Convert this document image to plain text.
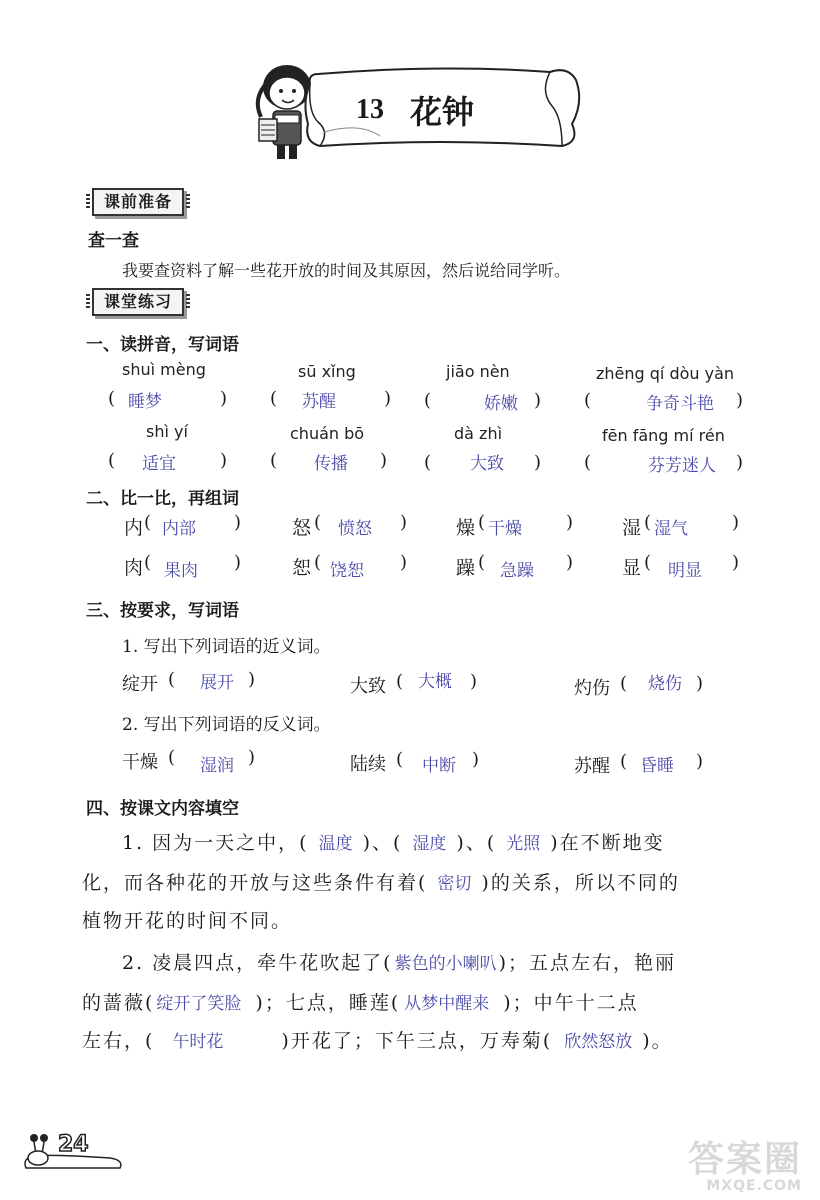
13 花钟
课前准备
查一查
我要查资料了解一些花开放的时间及其原因，然后说给同学听。
课堂练习
一、读拼音，写词语
shuì mèng	sū xǐng	jiāo nèn	zhēng qí dòu yàn
( 睡梦	) ( 苏醒	) (	娇嫩 ) (	争奇斗艳 )
shì yí	chuán bō	dà zhì	fēn fāng mí rén
( 适宜 ) ( 传播 ) ( 大致 ) (	芬芳迷人 )
二、比一比，再组词
内 ( 内部 )	怒 ( 愤怒 )	燥 ( 干燥 )	湿 ( 湿气 )
肉 ( 果肉 )	恕 ( 饶恕 )	躁 ( 急躁 )	显 ( 明显 )
三、按要求，写词语
1. 写出下列词语的近义词。
绽开 ( 展开 )	大致 ( 大概 )	灼伤 ( 烧伤 )
2. 写出下列词语的反义词。
干燥 ( 湿润 )	陆续 ( 中断 )	苏醒 ( 昏睡 )
四、按课文内容填空
1. 因为一天之中，( 温度 )、( 湿度 )、( 光照 )在不断地变
化，而各种花的开放与这些条件有着( 密切 )的关系，所以不同的
植物开花的时间不同。
2. 凌晨四点，牵牛花吹起了( 紫色的小喇叭 )；五点左右，艳丽
的蔷薇( 绽开了笑脸 )；七点，睡莲( 从梦中醒来 )；中午十二点
左右，( 午时花	)开花了；下午三点，万寿菊( 欣然怒放 )。
24	答案圈
MXQE.COM
